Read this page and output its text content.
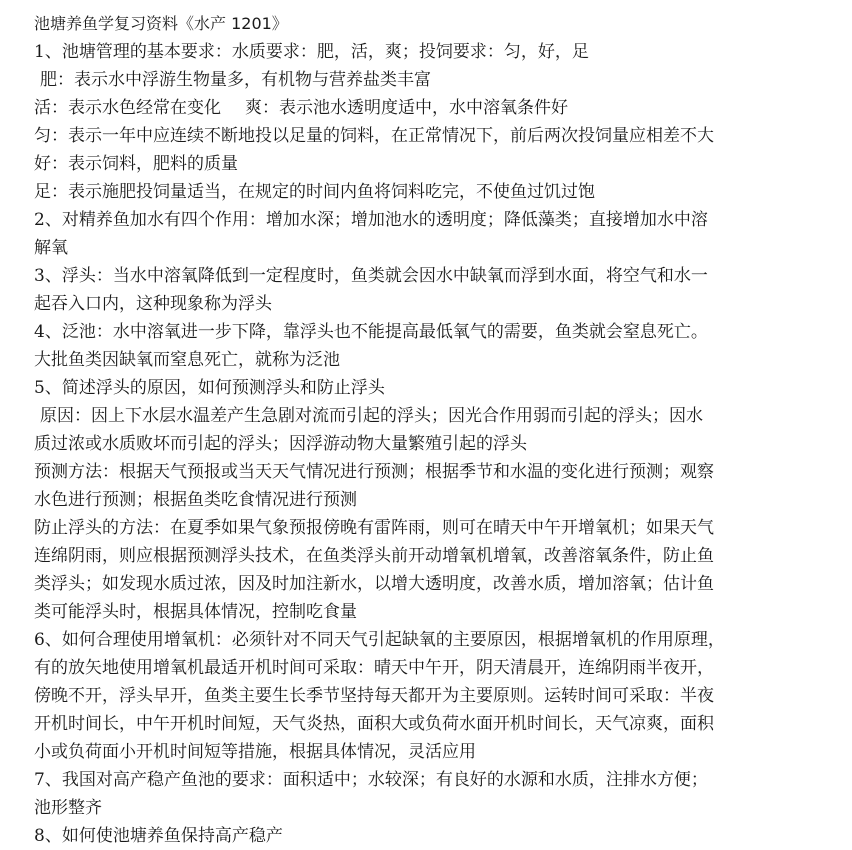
池塘养鱼学复习资料《水产 1201》
1、池塘管理的基本要求：水质要求：肥，活，爽；投饲要求：匀，好，足
肥：表示水中浮游生物量多，有机物与营养盐类丰富
活：表示水色经常在变化 爽：表示池水透明度适中，水中溶氧条件好
匀：表示一年中应连续不断地投以足量的饲料，在正常情况下，前后两次投饲量应相差不大
好：表示饲料，肥料的质量
足：表示施肥投饲量适当，在规定的时间内鱼将饲料吃完，不使鱼过饥过饱
2、对精养鱼加水有四个作用：增加水深；增加池水的透明度；降低藻类；直接增加水中溶
解氧
3、浮头：当水中溶氧降低到一定程度时，鱼类就会因水中缺氧而浮到水面，将空气和水一
起吞入口内，这种现象称为浮头
4、泛池：水中溶氧进一步下降，靠浮头也不能提高最低氧气的需要，鱼类就会窒息死亡。
大批鱼类因缺氧而窒息死亡，就称为泛池
5、简述浮头的原因，如何预测浮头和防止浮头
原因：因上下水层水温差产生急剧对流而引起的浮头；因光合作用弱而引起的浮头；因水
质过浓或水质败坏而引起的浮头；因浮游动物大量繁殖引起的浮头
预测方法：根据天气预报或当天天气情况进行预测；根据季节和水温的变化进行预测；观察
水色进行预测；根据鱼类吃食情况进行预测
防止浮头的方法：在夏季如果气象预报傍晚有雷阵雨，则可在晴天中午开增氧机；如果天气
连绵阴雨，则应根据预测浮头技术，在鱼类浮头前开动增氧机增氧，改善溶氧条件，防止鱼
类浮头；如发现水质过浓，因及时加注新水，以增大透明度，改善水质，增加溶氧；估计鱼
类可能浮头时，根据具体情况，控制吃食量
6、如何合理使用增氧机：必须针对不同天气引起缺氧的主要原因，根据增氧机的作用原理，
有的放矢地使用增氧机最适开机时间可采取：晴天中午开，阴天清晨开，连绵阴雨半夜开，
傍晚不开，浮头早开，鱼类主要生长季节坚持每天都开为主要原则。运转时间可采取：半夜
开机时间长，中午开机时间短，天气炎热，面积大或负荷水面开机时间长，天气凉爽，面积
小或负荷面小开机时间短等措施，根据具体情况，灵活应用
7、我国对高产稳产鱼池的要求：面积适中；水较深；有良好的水源和水质，注排水方便；
池形整齐
8、如何使池塘养鱼保持高产稳产
